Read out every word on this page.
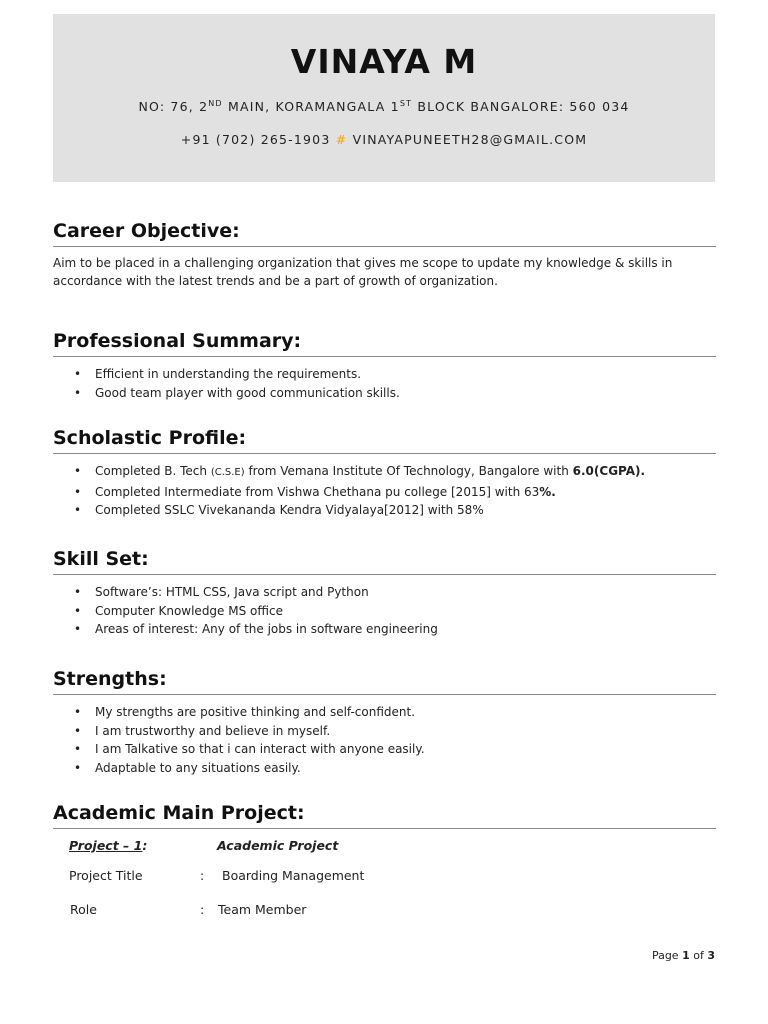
VINAYA M
NO: 76, 2ND MAIN, KORAMANGALA 1ST BLOCK BANGALORE: 560 034
+91 (702) 265-1903 # VINAYAPUNEETH28@GMAIL.COM
Career Objective:
Aim to be placed in a challenging organization that gives me scope to update my knowledge & skills in accordance with the latest trends and be a part of growth of organization.
Professional Summary:
• Efficient in understanding the requirements.
• Good team player with good communication skills.
Scholastic Profile:
• Completed B. Tech (C.S.E) from Vemana Institute Of Technology, Bangalore with 6.0(CGPA).
• Completed Intermediate from Vishwa Chethana pu college [2015] with 63%.
• Completed SSLC Vivekananda Kendra Vidyalaya[2012] with 58%
Skill Set:
• Software’s: HTML CSS, Java script and Python
• Computer Knowledge MS office
• Areas of interest: Any of the jobs in software engineering
Strengths:
• My strengths are positive thinking and self-confident.
• I am trustworthy and believe in myself.
• I am Talkative so that i can interact with anyone easily.
• Adaptable to any situations easily.
Academic Main Project:
Project – 1:	Academic Project
Project Title	: Boarding Management
Role	: Team Member
Page 1 of 3
